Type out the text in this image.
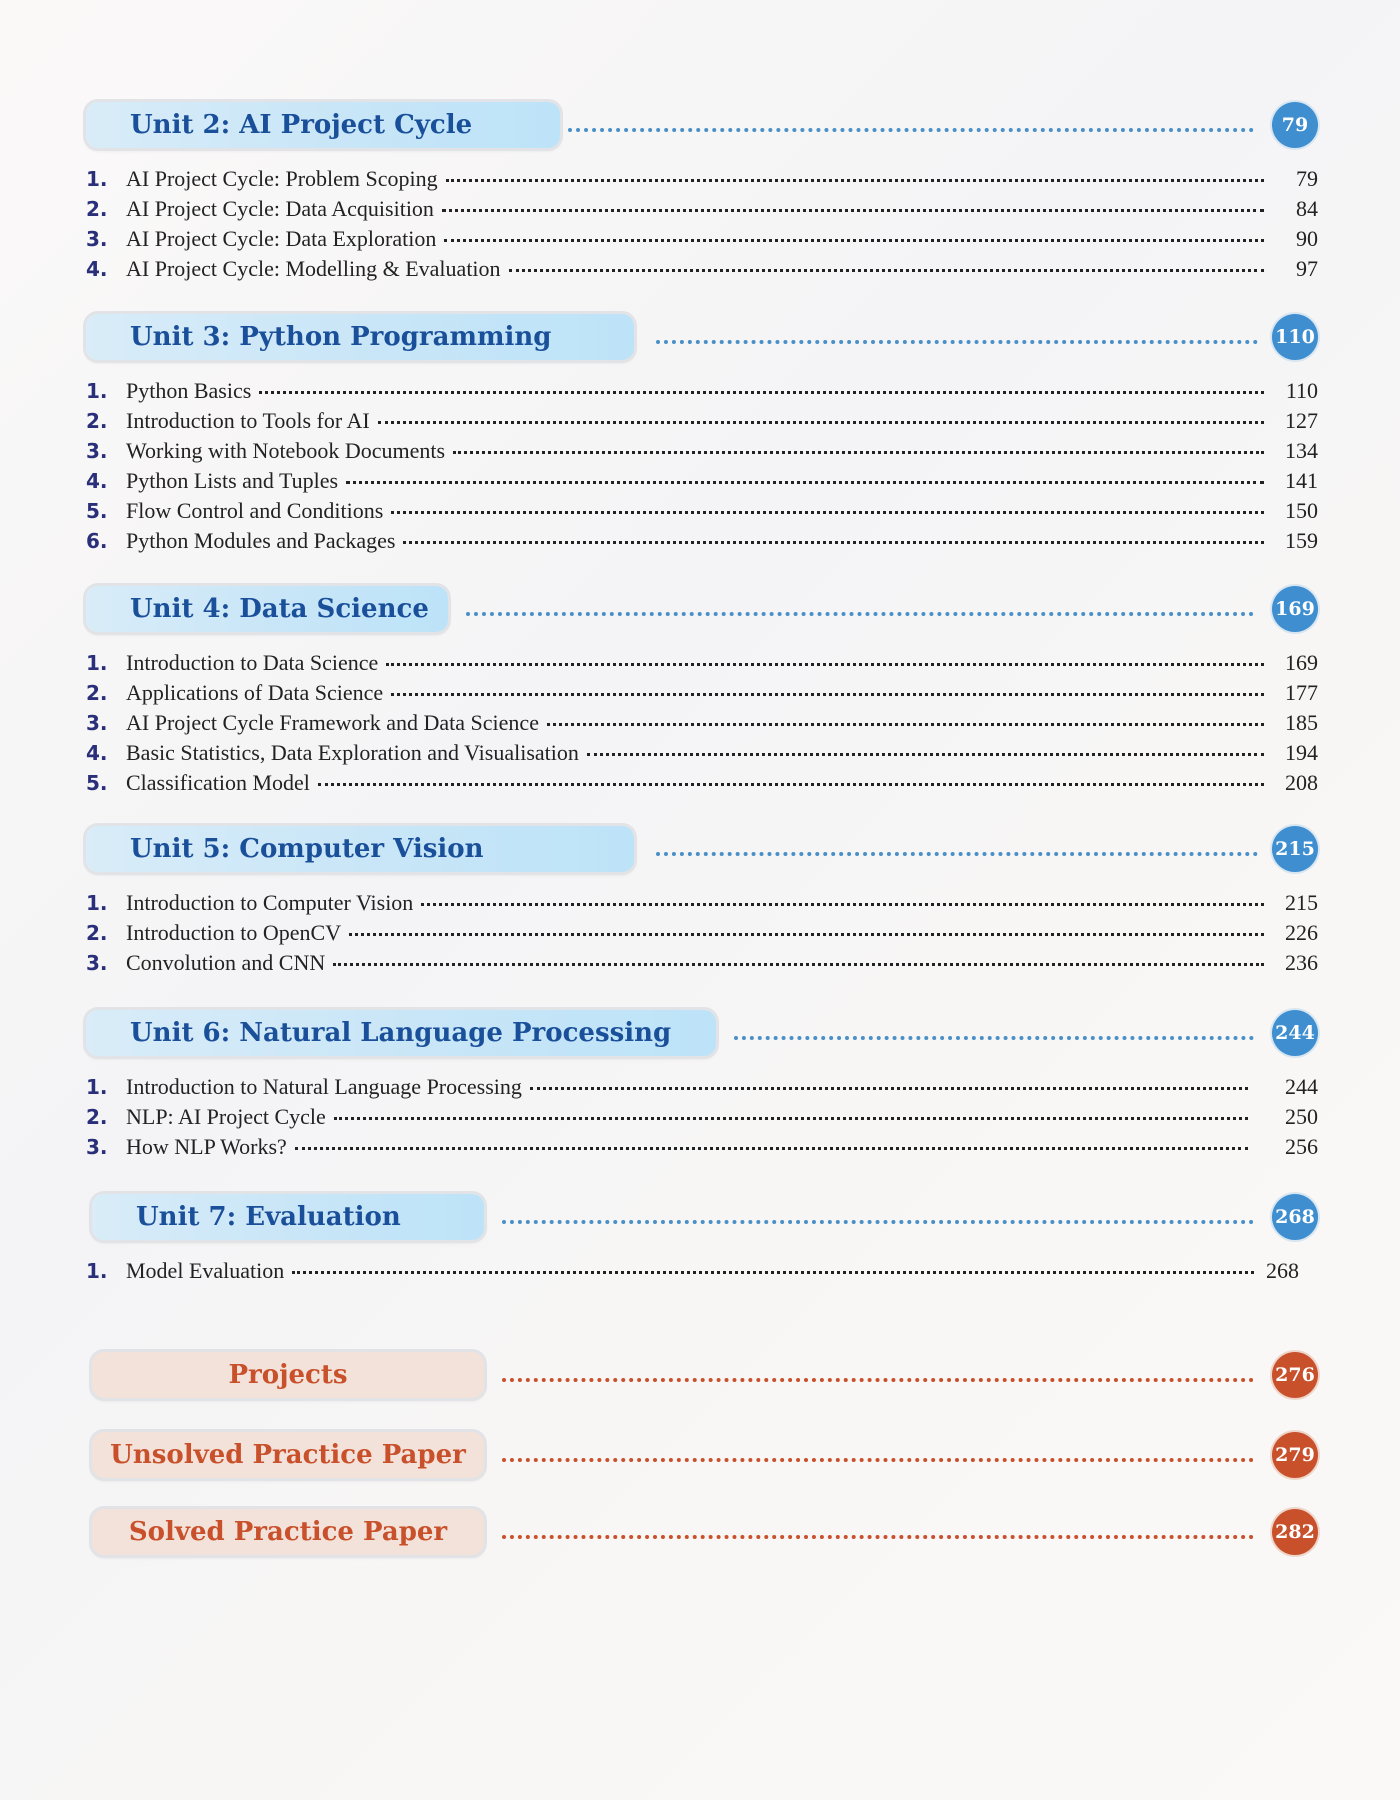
Unit 2: AI Project Cycle	79
1. AI Project Cycle: Problem Scoping	79
2. AI Project Cycle: Data Acquisition	84
3. AI Project Cycle: Data Exploration	90
4. AI Project Cycle: Modelling & Evaluation	97
Unit 3: Python Programming	110
1. Python Basics	110
2. Introduction to Tools for AI	127
3. Working with Notebook Documents	134
4. Python Lists and Tuples	141
5. Flow Control and Conditions	150
6. Python Modules and Packages	159
Unit 4: Data Science	169
1. Introduction to Data Science	169
2. Applications of Data Science	177
3. AI Project Cycle Framework and Data Science	185
4. Basic Statistics, Data Exploration and Visualisation	194
5. Classification Model	208
Unit 5: Computer Vision	215
1. Introduction to Computer Vision	215
2. Introduction to OpenCV	226
3. Convolution and CNN	236
Unit 6: Natural Language Processing	244
1. Introduction to Natural Language Processing	244
2. NLP: AI Project Cycle	250
3. How NLP Works?	256
Unit 7: Evaluation	268
1. Model Evaluation	268
Projects	276
Unsolved Practice Paper	279
Solved Practice Paper	282
